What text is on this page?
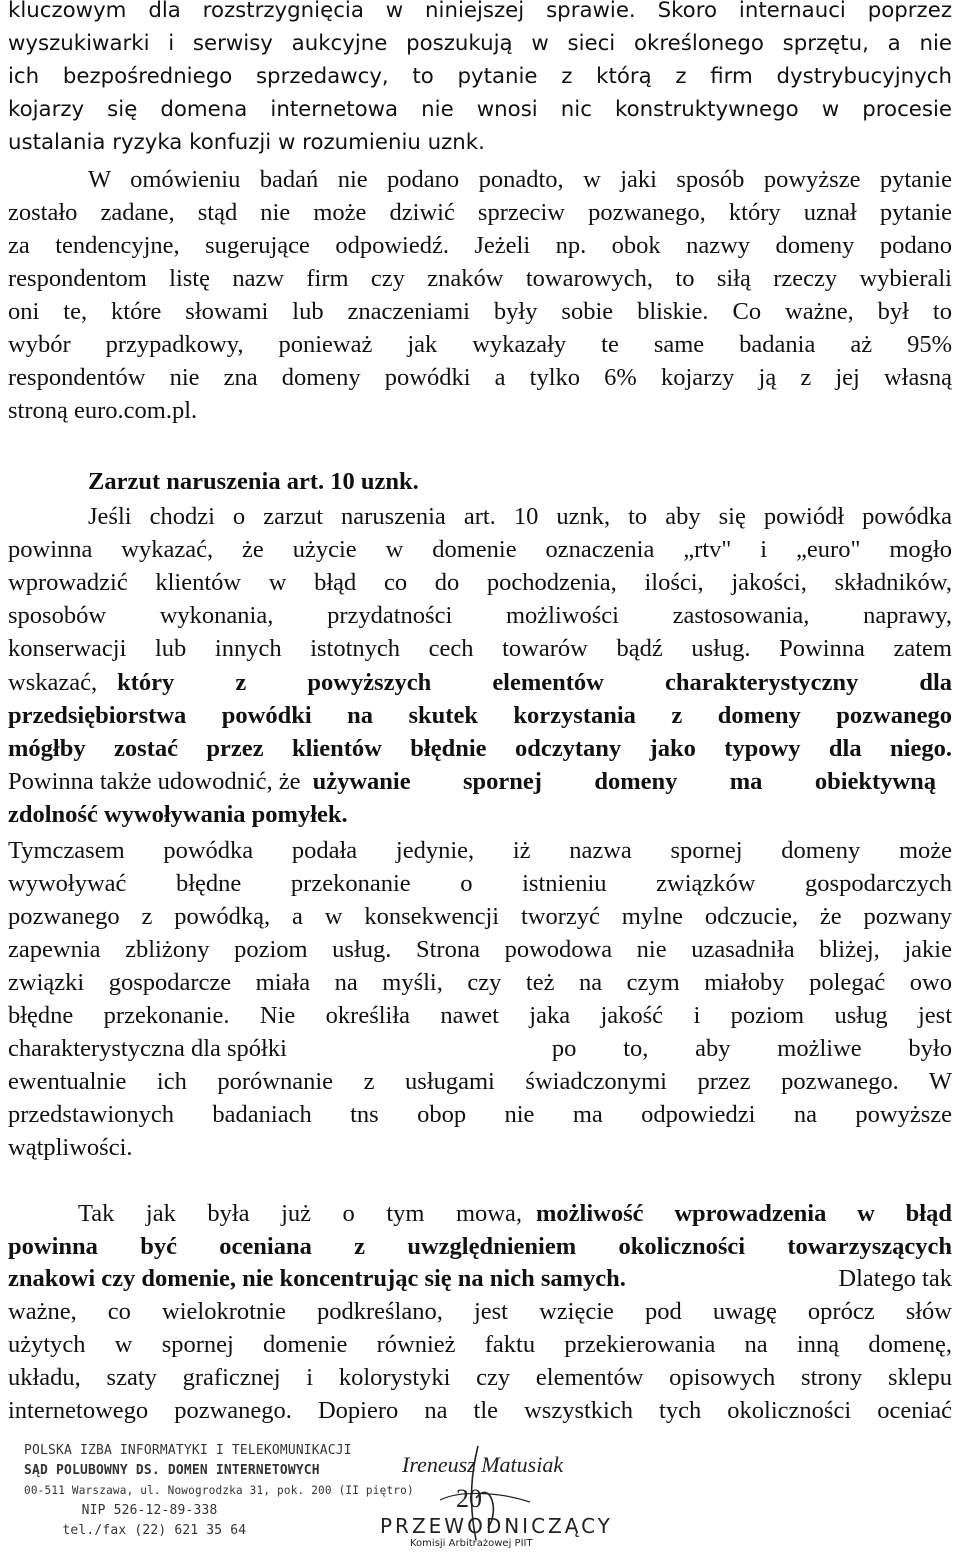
kluczowym dla rozstrzygnięcia w niniejszej sprawie. Skoro internauci poprzez
wyszukiwarki i serwisy aukcyjne poszukują w sieci określonego sprzętu, a nie
ich bezpośredniego sprzedawcy, to pytanie z którą z firm dystrybucyjnych
kojarzy się domena internetowa nie wnosi nic konstruktywnego w procesie
ustalania ryzyka konfuzji w rozumieniu uznk.
W omówieniu badań nie podano ponadto, w jaki sposób powyższe pytanie
zostało zadane, stąd nie może dziwić sprzeciw pozwanego, który uznał pytanie
za tendencyjne, sugerujące odpowiedź. Jeżeli np. obok nazwy domeny podano
respondentom listę nazw firm czy znaków towarowych, to siłą rzeczy wybierali
oni te, które słowami lub znaczeniami były sobie bliskie. Co ważne, był to
wybór przypadkowy, ponieważ jak wykazały te same badania aż 95%
respondentów nie zna domeny powódki a tylko 6% kojarzy ją z jej własną
stroną euro.com.pl.
Zarzut naruszenia art. 10 uznk.
Jeśli chodzi o zarzut naruszenia art. 10 uznk, to aby się powiódł powódka
powinna wykazać, że użycie w domenie oznaczenia „rtv" i „euro" mogło
wprowadzić klientów w błąd co do pochodzenia, ilości, jakości, składników,
sposobów wykonania, przydatności możliwości zastosowania, naprawy,
konserwacji lub innych istotnych cech towarów bądź usług. Powinna zatem
wskazać, który z powyższych elementów charakterystyczny dla
przedsiębiorstwa powódki na skutek korzystania z domeny pozwanego
mógłby zostać przez klientów błędnie odczytany jako typowy dla niego.
Powinna także udowodnić, że używanie spornej domeny ma obiektywną
zdolność wywoływania pomyłek.
Tymczasem powódka podała jedynie, iż nazwa spornej domeny może
wywoływać błędne przekonanie o istnieniu związków gospodarczych
pozwanego z powódką, a w konsekwencji tworzyć mylne odczucie, że pozwany
zapewnia zbliżony poziom usług. Strona powodowa nie uzasadniła bliżej, jakie
związki gospodarcze miała na myśli, czy też na czym miałoby polegać owo
błędne przekonanie. Nie określiła nawet jaka jakość i poziom usług jest
charakterystyczna dla spółki	po to, aby możliwe było
ewentualnie ich porównanie z usługami świadczonymi przez pozwanego. W
przedstawionych badaniach tns obop nie ma odpowiedzi na powyższe
wątpliwości.
Tak jak była już o tym mowa, możliwość wprowadzenia w błąd
powinna być oceniana z uwzględnieniem okoliczności towarzyszących
znakowi czy domenie, nie koncentrując się na nich samych.	Dlatego tak
ważne, co wielokrotnie podkreślano, jest wzięcie pod uwagę oprócz słów
użytych w spornej domenie również faktu przekierowania na inną domenę,
układu, szaty graficznej i kolorystyki czy elementów opisowych strony sklepu
internetowego pozwanego. Dopiero na tle wszystkich tych okoliczności oceniać
POLSKA IZBA INFORMATYKI I TELEKOMUNIKACJI
SĄD POLUBOWNY DS. DOMEN INTERNETOWYCH
00-511 Warszawa, ul. Nowogrodzka 31, pok. 200 (II piętro)
NIP 526-12-89-338
tel./fax (22) 621 35 64
Ireneusz Matusiak
20
PRZEWODNICZĄCY
Komisji Arbitrażowej PIIT
